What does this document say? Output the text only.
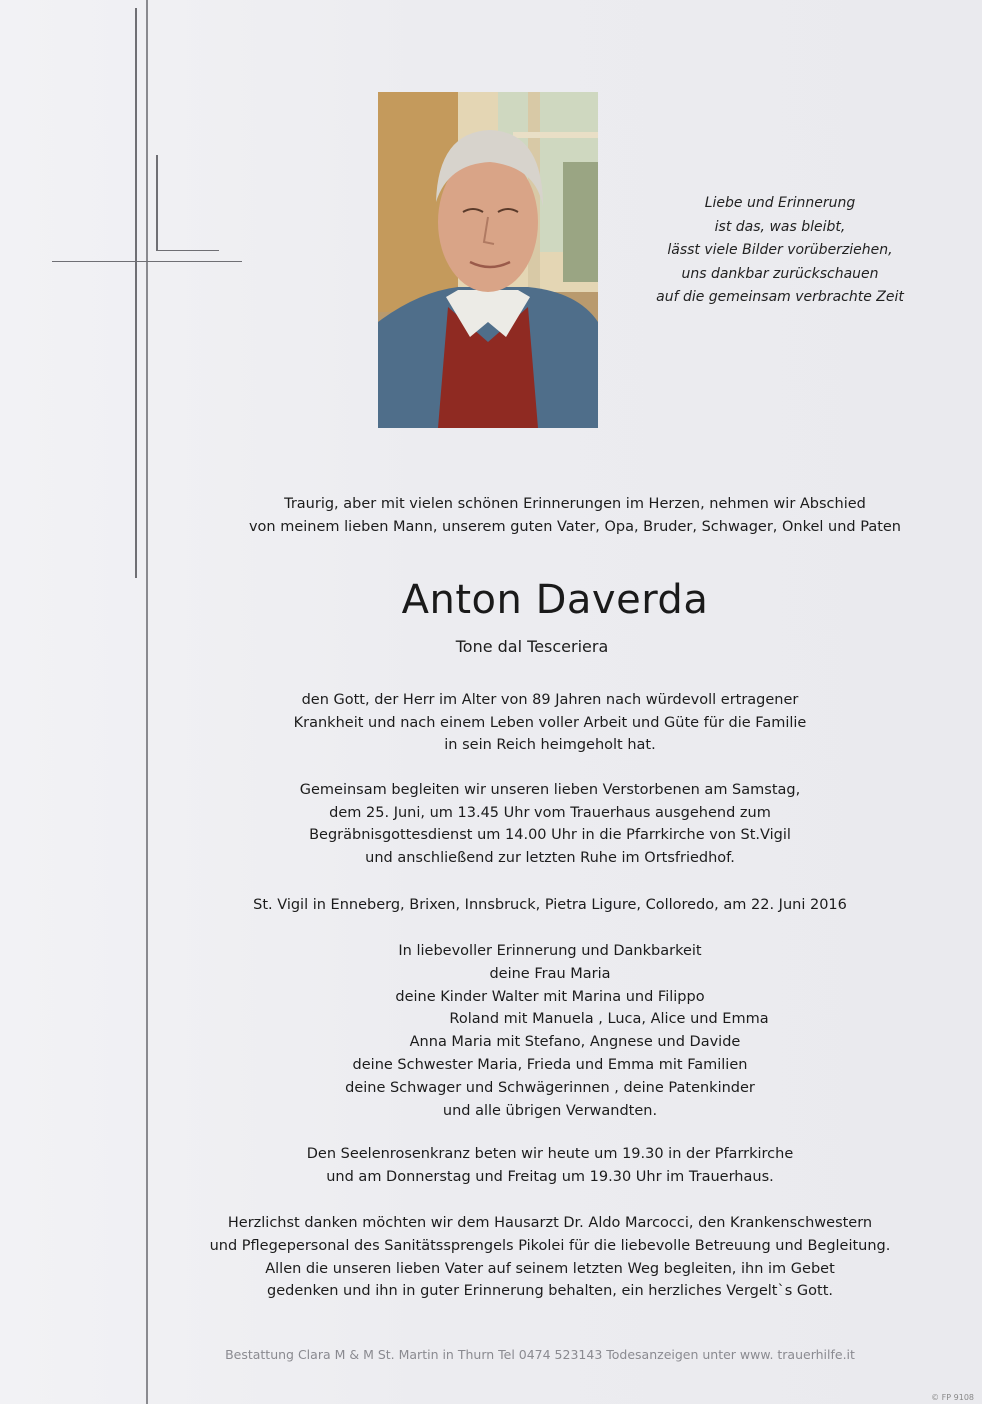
Liebe und Erinnerung
ist das, was bleibt,
lässt viele Bilder vorüberziehen,
uns dankbar zurückschauen
auf die gemeinsam verbrachte Zeit
Traurig, aber mit vielen schönen Erinnerungen im Herzen, nehmen wir Abschied
von meinem lieben Mann, unserem guten Vater, Opa, Bruder, Schwager, Onkel und Paten
Anton Daverda
Tone dal Tesceriera
den Gott, der Herr im Alter von 89 Jahren nach würdevoll ertragener
Krankheit und nach einem Leben voller Arbeit und Güte für die Familie
in sein Reich heimgeholt hat.
Gemeinsam begleiten wir unseren lieben Verstorbenen am Samstag,
dem 25. Juni, um 13.45 Uhr vom Trauerhaus ausgehend zum
Begräbnisgottesdienst um 14.00 Uhr in die Pfarrkirche von St.Vigil
und anschließend zur letzten Ruhe im Ortsfriedhof.
St. Vigil in Enneberg, Brixen, Innsbruck, Pietra Ligure, Colloredo, am 22. Juni 2016
In liebevoller Erinnerung und Dankbarkeit
deine Frau Maria
deine Kinder Walter mit Marina und Filippo
Roland mit Manuela , Luca, Alice und Emma
Anna Maria mit Stefano, Angnese und Davide
deine Schwester Maria, Frieda und Emma mit Familien
deine Schwager und Schwägerinnen , deine Patenkinder
und alle übrigen Verwandten.
Den Seelenrosenkranz beten wir heute um 19.30 in der Pfarrkirche
und am Donnerstag und Freitag um 19.30 Uhr im Trauerhaus.
Herzlichst danken möchten wir dem Hausarzt Dr. Aldo Marcocci, den Krankenschwestern
und Pflegepersonal des Sanitätssprengels Pikolei für die liebevolle Betreuung und Begleitung.
Allen die unseren lieben Vater auf seinem letzten Weg begleiten, ihn im Gebet
gedenken und ihn in guter Erinnerung behalten, ein herzliches Vergelt`s Gott.
Bestattung Clara M & M St. Martin in Thurn Tel 0474 523143 Todesanzeigen unter www. trauerhilfe.it
© FP 9108
